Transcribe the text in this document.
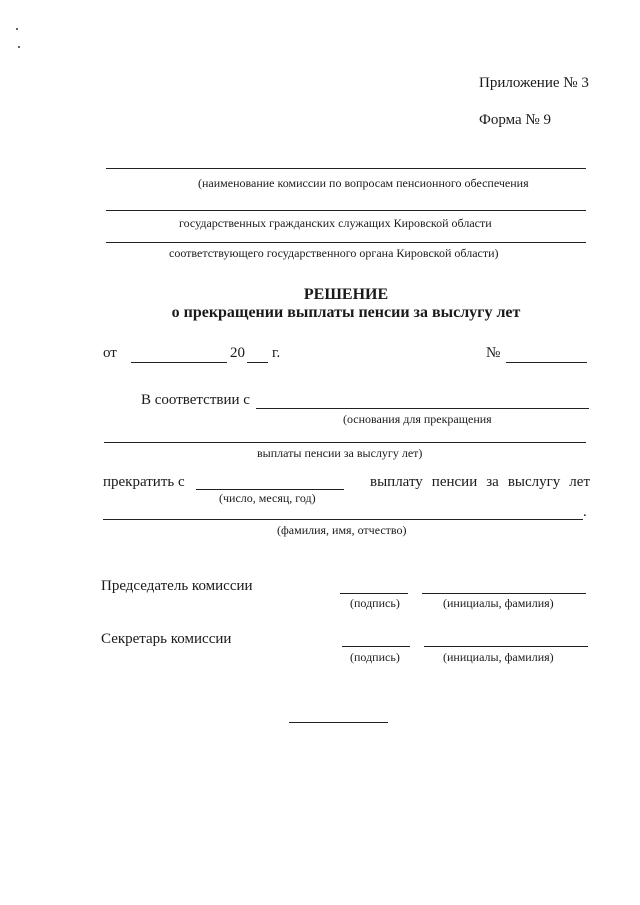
Приложение № 3
Форма № 9
(наименование комиссии по вопросам пенсионного обеспечения
государственных гражданских служащих Кировской области
соответствующего государственного органа Кировской области)
РЕШЕНИЕ
о прекращении выплаты пенсии за выслугу лет
от	20 г.	№
В соответствии с
(основания для прекращения
выплаты пенсии за выслугу лет)
прекратить с
(число, месяц, год)
выплату пенсии за выслугу лет
.
(фамилия, имя, отчество)
Председатель комиссии
(подпись)	(инициалы, фамилия)
Секретарь комиссии
(подпись)	(инициалы, фамилия)
